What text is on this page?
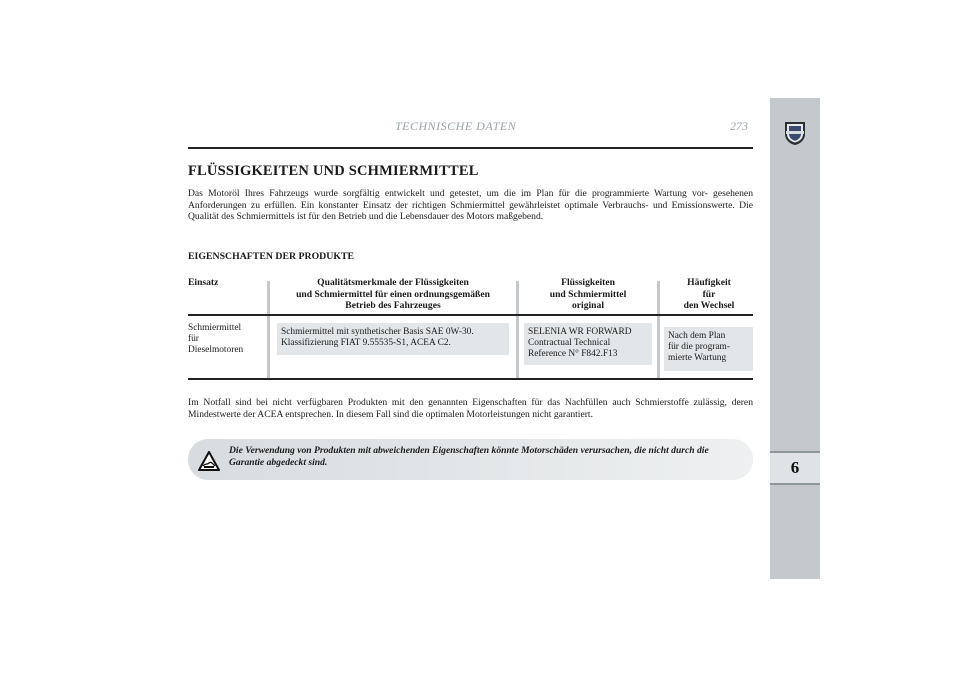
6
TECHNISCHE DATEN	273
FLÜSSIGKEITEN UND SCHMIERMITTEL

Das Motoröl Ihres Fahrzeugs wurde sorgfältig entwickelt und getestet, um die im Plan für die programmierte Wartung vor- gesehenen Anforderungen zu erfüllen. Ein konstanter Einsatz der richtigen Schmiermittel gewährleistet optimale Verbrauchs- und Emissionswerte. Die Qualität des Schmiermittels ist für den Betrieb und die Lebensdauer des Motors maßgebend.

EIGENSCHAFTEN DER PRODUKTE
Einsatz	Qualitätsmerkmale der Flüssigkeiten
und Schmiermittel für einen ordnungsgemäßen
Betrieb des Fahrzeuges
Flüssigkeiten
und Schmiermittel
original
Häufigkeit
für
den Wechsel
Schmiermittel
für
Dieselmotoren
Schmiermittel mit synthetischer Basis SAE 0W-30.
Klassifizierung FIAT 9.55535-S1, ACEA C2.
SELENIA WR FORWARD
Contractual Technical
Reference N° F842.F13
Nach dem Plan
für die program-
mierte Wartung

Im Notfall sind bei nicht verfügbaren Produkten mit den genannten Eigenschaften für das Nachfüllen auch Schmierstoffe zulässig, deren Mindestwerte der ACEA entsprechen. In diesem Fall sind die optimalen Motorleistungen nicht garantiert.

Die Verwendung von Produkten mit abweichenden Eigenschaften könnte Motorschäden verursachen, die nicht durch die Garantie abgedeckt sind.
